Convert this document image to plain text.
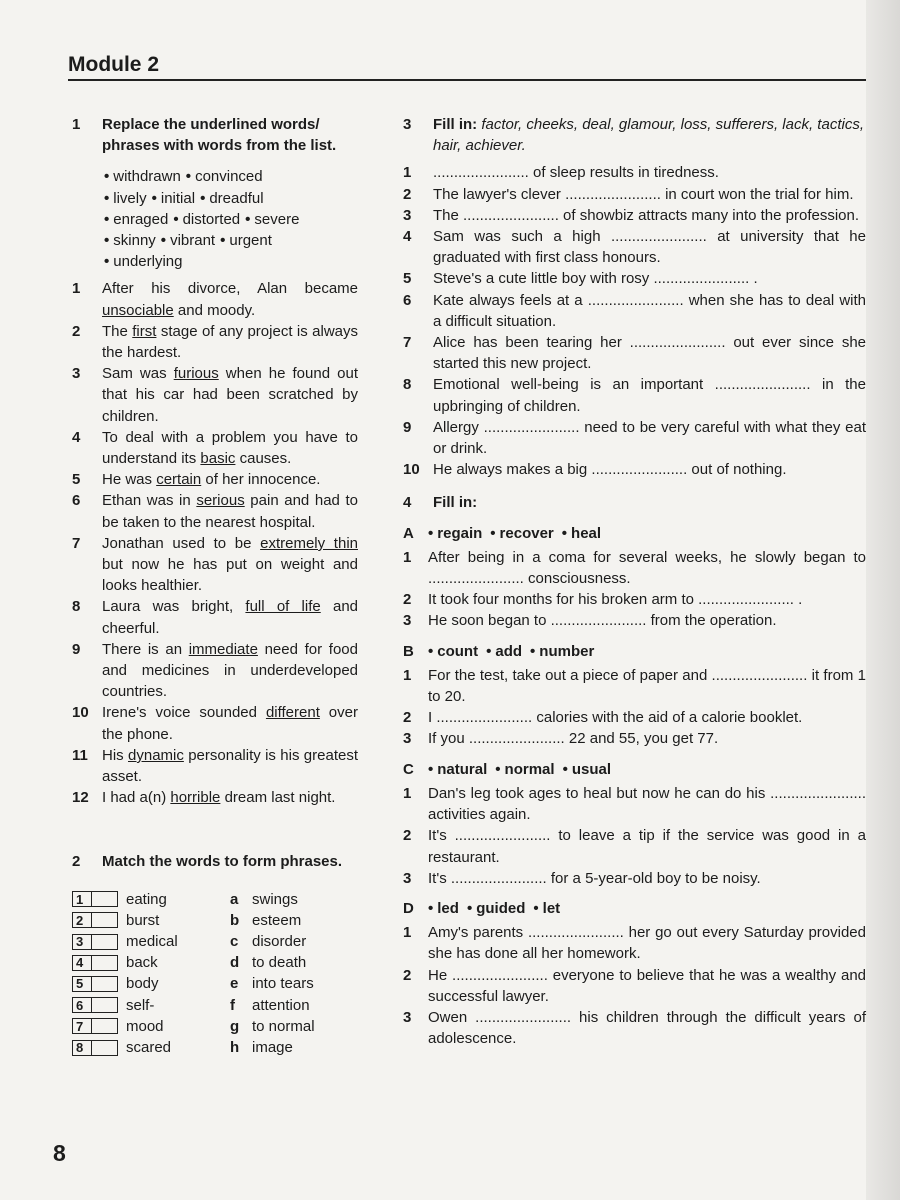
Module 2
1	Replace the underlined words/ phrases with words from the list.
• withdrawn • convinced
• lively • initial • dreadful
• enraged • distorted • severe
• skinny • vibrant • urgent
• underlying
1	After his divorce, Alan became unsociable and moody.
2	The first stage of any project is always the hardest.
3	Sam was furious when he found out that his car had been scratched by children.
4	To deal with a problem you have to understand its basic causes.
5	He was certain of her innocence.
6	Ethan was in serious pain and had to be taken to the nearest hospital.
7	Jonathan used to be extremely thin but now he has put on weight and looks healthier.
8	Laura was bright, full of life and cheerful.
9	There is an immediate need for food and medicines in underdeveloped countries.
10 Irene's voice sounded different over the phone.
11 His dynamic personality is his greatest asset.
12 I had a(n) horrible dream last night.
2	Match the words to form phrases.
1	eating	a swings
2	burst	b esteem
3	medical	c disorder
4	back	d to death
5	body	e into tears
6	self-	f	attention
7	mood	g to normal
8	scared	h image
3	Fill in: factor, cheeks, deal, glamour, loss, sufferers, lack, tactics, hair, achiever.
1	....................... of sleep results in tiredness.
2	The lawyer's clever ....................... in court won the trial for him.
3	The ....................... of showbiz attracts many into the profession.
4	Sam was such a high ....................... at university that he graduated with first class honours.
5	Steve's a cute little boy with rosy ....................... .
6	Kate always feels at a ....................... when she has to deal with a difficult situation.
7	Alice has been tearing her ....................... out ever since she started this new project.
8	Emotional well-being is an important ....................... in the upbringing of children.
9	Allergy ....................... need to be very careful with what they eat or drink.
10 He always makes a big ....................... out of nothing.
4	Fill in:
A • regain • recover • heal
1	After being in a coma for several weeks, he slowly began to ....................... consciousness.
2	It took four months for his broken arm to ....................... .
3	He soon began to ....................... from the operation.
B • count • add • number
1	For the test, take out a piece of paper and ....................... it from 1 to 20.
2	I ....................... calories with the aid of a calorie booklet.
3	If you ....................... 22 and 55, you get 77.
C • natural • normal • usual
1	Dan's leg took ages to heal but now he can do his ....................... activities again.
2	It's ....................... to leave a tip if the service was good in a restaurant.
3	It's ....................... for a 5-year-old boy to be noisy.
D • led • guided • let
1	Amy's parents ....................... her go out every Saturday provided she has done all her homework.
2	He ....................... everyone to believe that he was a wealthy and successful lawyer.
3	Owen ....................... his children through the difficult years of adolescence.
8
